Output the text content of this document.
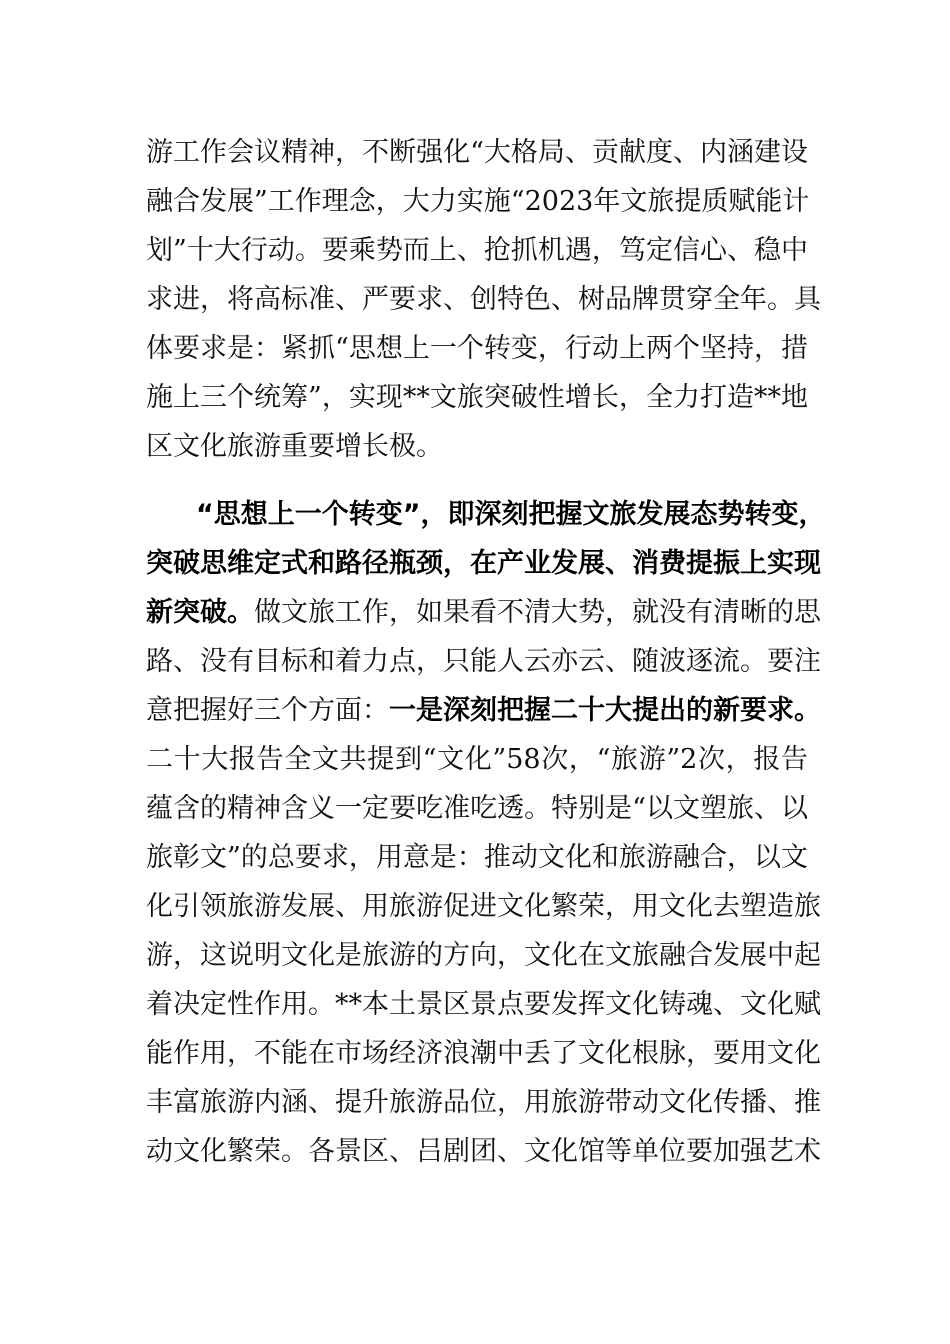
游工作会议精神，不断强化“大格局、贡献度、内涵建设
融合发展”工作理念，大力实施“2023年文旅提质赋能计
划”十大行动。要乘势而上、抢抓机遇，笃定信心、稳中
求进，将高标准、严要求、创特色、树品牌贯穿全年。具
体要求是：紧抓“思想上一个转变，行动上两个坚持，措
施上三个统筹”，实现**文旅突破性增长，全力打造**地
区文化旅游重要增长极。
“思想上一个转变”，即深刻把握文旅发展态势转变，
突破思维定式和路径瓶颈，在产业发展、消费提振上实现
新突破。做文旅工作，如果看不清大势，就没有清晰的思
路、没有目标和着力点，只能人云亦云、随波逐流。要注
意把握好三个方面：一是深刻把握二十大提出的新要求。
二十大报告全文共提到“文化”58次，“旅游”2次，报告
蕴含的精神含义一定要吃准吃透。特别是“以文塑旅、以
旅彰文”的总要求，用意是：推动文化和旅游融合，以文
化引领旅游发展、用旅游促进文化繁荣，用文化去塑造旅
游，这说明文化是旅游的方向，文化在文旅融合发展中起
着决定性作用。**本土景区景点要发挥文化铸魂、文化赋
能作用，不能在市场经济浪潮中丢了文化根脉，要用文化
丰富旅游内涵、提升旅游品位，用旅游带动文化传播、推
动文化繁荣。各景区、吕剧团、文化馆等单位要加强艺术
